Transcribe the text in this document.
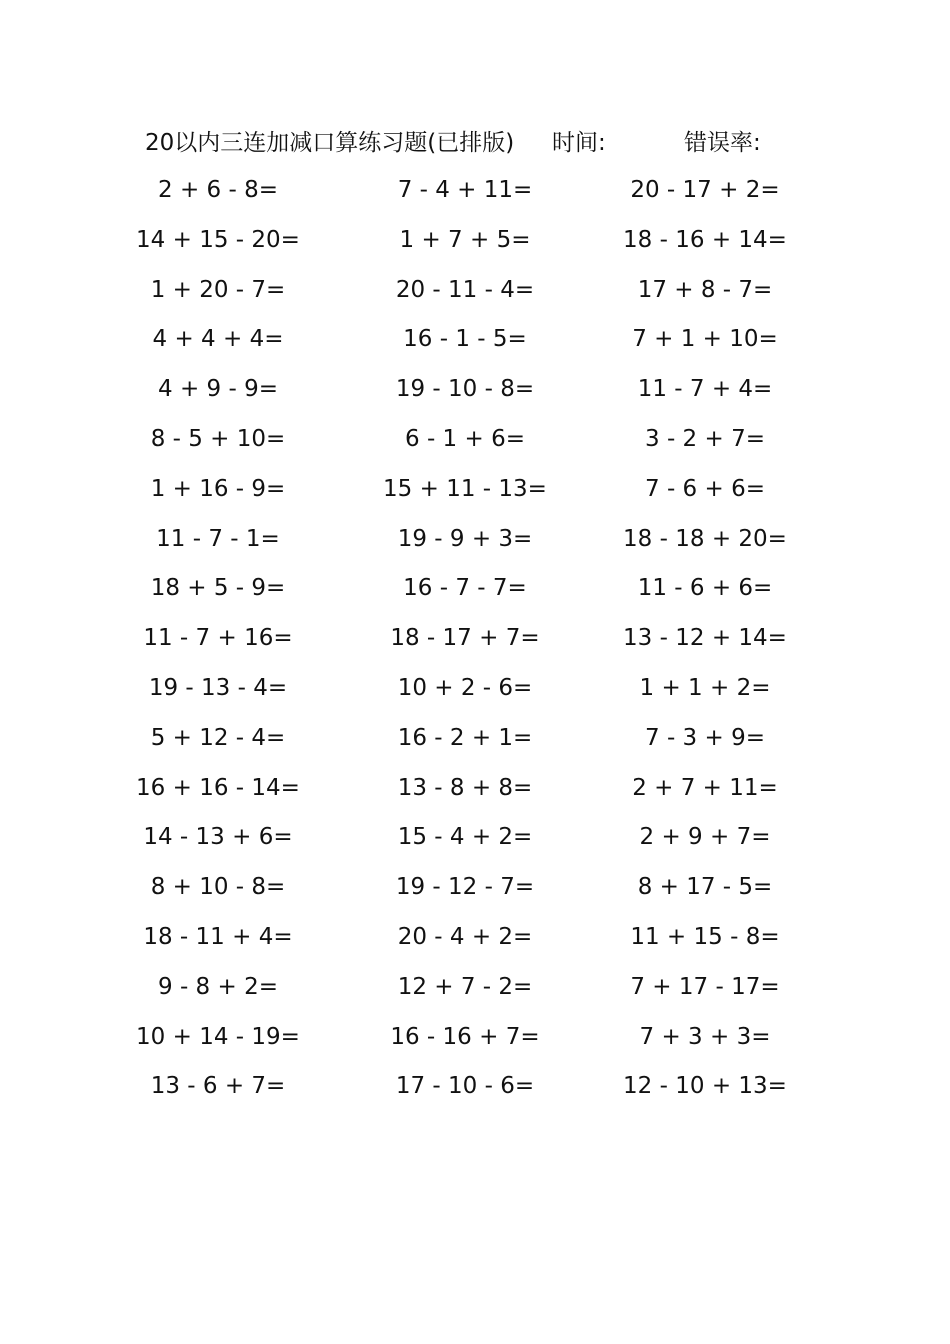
20以内三连加减口算练习题(已排版) 时间:	错误率:
2 + 6 - 8=	7 - 4 + 11=	20 - 17 + 2=
14 + 15 - 20=	1 + 7 + 5=	18 - 16 + 14=
1 + 20 - 7=	20 - 11 - 4=	17 + 8 - 7=
4 + 4 + 4=	16 - 1 - 5=	7 + 1 + 10=
4 + 9 - 9=	19 - 10 - 8=	11 - 7 + 4=
8 - 5 + 10=	6 - 1 + 6=	3 - 2 + 7=
1 + 16 - 9=	15 + 11 - 13=	7 - 6 + 6=
11 - 7 - 1=	19 - 9 + 3=	18 - 18 + 20=
18 + 5 - 9=	16 - 7 - 7=	11 - 6 + 6=
11 - 7 + 16=	18 - 17 + 7=	13 - 12 + 14=
19 - 13 - 4=	10 + 2 - 6=	1 + 1 + 2=
5 + 12 - 4=	16 - 2 + 1=	7 - 3 + 9=
16 + 16 - 14=	13 - 8 + 8=	2 + 7 + 11=
14 - 13 + 6=	15 - 4 + 2=	2 + 9 + 7=
8 + 10 - 8=	19 - 12 - 7=	8 + 17 - 5=
18 - 11 + 4=	20 - 4 + 2=	11 + 15 - 8=
9 - 8 + 2=	12 + 7 - 2=	7 + 17 - 17=
10 + 14 - 19=	16 - 16 + 7=	7 + 3 + 3=
13 - 6 + 7=	17 - 10 - 6=	12 - 10 + 13=
